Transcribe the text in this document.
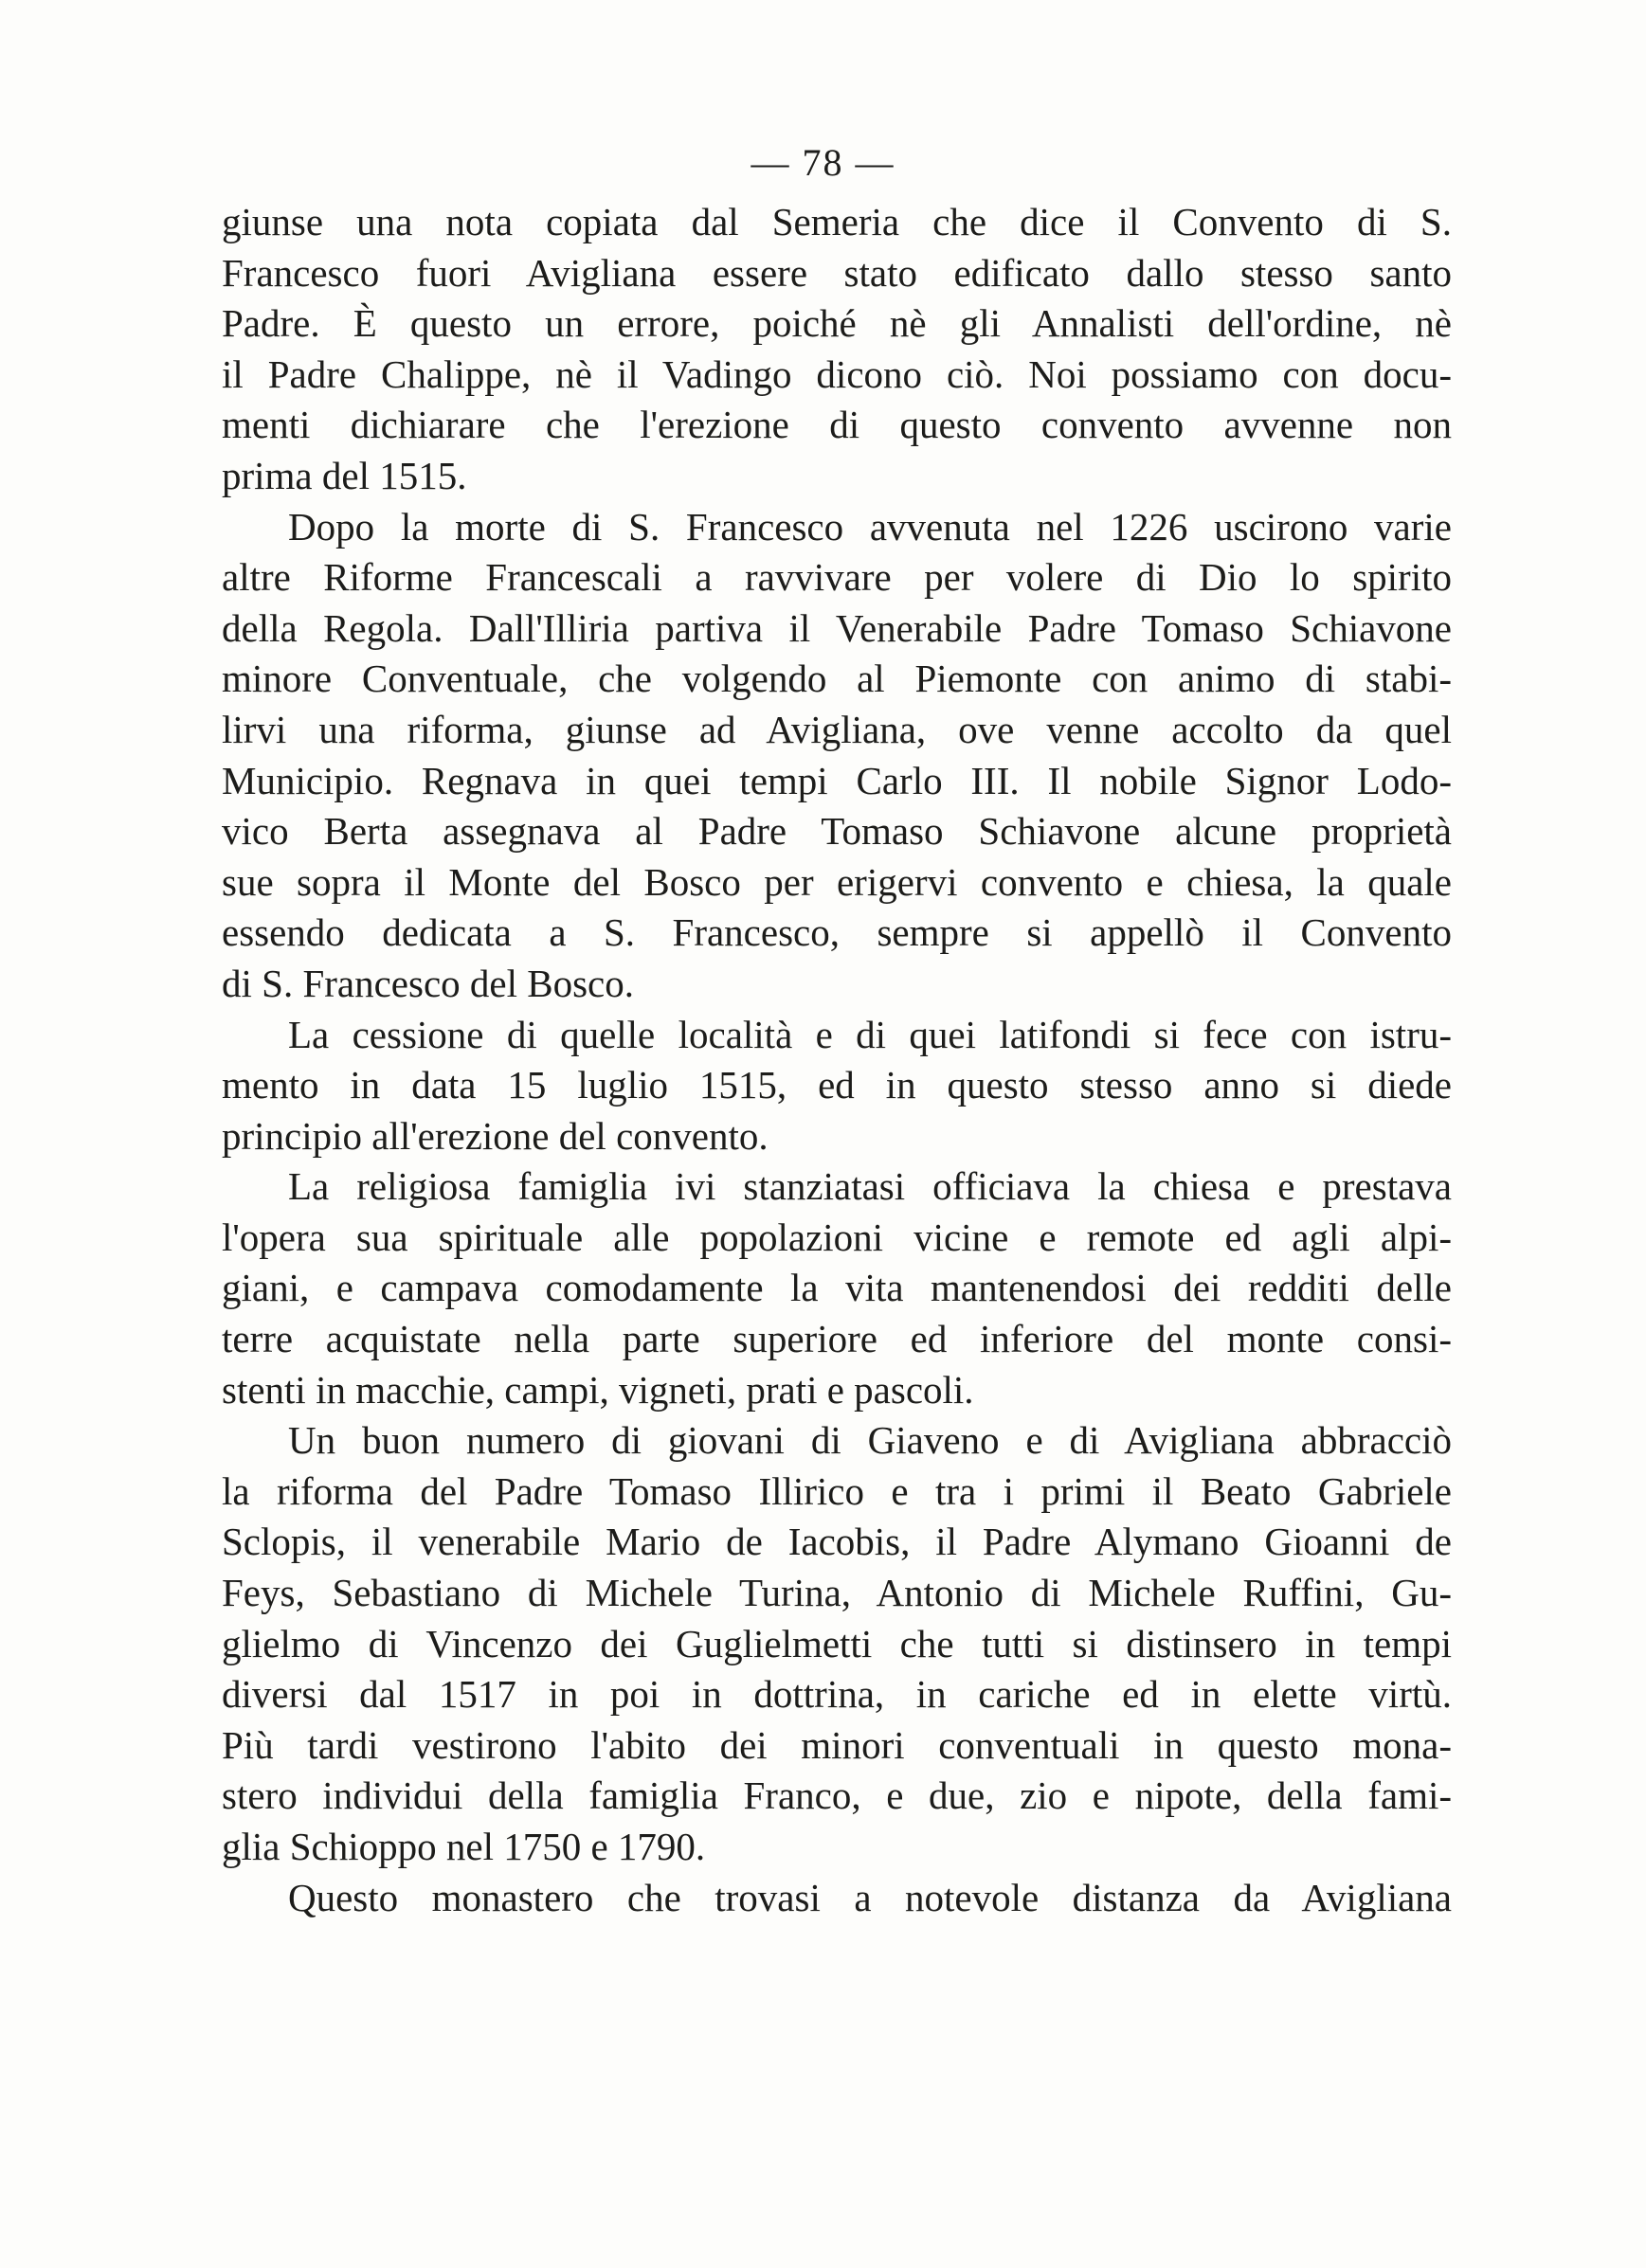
— 78 —
giunse una nota copiata dal Semeria che dice il Convento di S.
Francesco fuori Avigliana essere stato edificato dallo stesso santo
Padre. È questo un errore, poiché nè gli Annalisti dell'ordine, nè
il Padre Chalippe, nè il Vadingo dicono ciò. Noi possiamo con docu-
menti dichiarare che l'erezione di questo convento avvenne non
prima del 1515.
Dopo la morte di S. Francesco avvenuta nel 1226 uscirono varie
altre Riforme Francescali a ravvivare per volere di Dio lo spirito
della Regola. Dall'Illiria partiva il Venerabile Padre Tomaso Schiavone
minore Conventuale, che volgendo al Piemonte con animo di stabi-
lirvi una riforma, giunse ad Avigliana, ove venne accolto da quel
Municipio. Regnava in quei tempi Carlo III. Il nobile Signor Lodo-
vico Berta assegnava al Padre Tomaso Schiavone alcune proprietà
sue sopra il Monte del Bosco per erigervi convento e chiesa, la quale
essendo dedicata a S. Francesco, sempre si appellò il Convento
di S. Francesco del Bosco.
La cessione di quelle località e di quei latifondi si fece con istru-
mento in data 15 luglio 1515, ed in questo stesso anno si diede
principio all'erezione del convento.
La religiosa famiglia ivi stanziatasi officiava la chiesa e prestava
l'opera sua spirituale alle popolazioni vicine e remote ed agli alpi-
giani, e campava comodamente la vita mantenendosi dei redditi delle
terre acquistate nella parte superiore ed inferiore del monte consi-
stenti in macchie, campi, vigneti, prati e pascoli.
Un buon numero di giovani di Giaveno e di Avigliana abbracciò
la riforma del Padre Tomaso Illirico e tra i primi il Beato Gabriele
Sclopis, il venerabile Mario de Iacobis, il Padre Alymano Gioanni de
Feys, Sebastiano di Michele Turina, Antonio di Michele Ruffini, Gu-
glielmo di Vincenzo dei Guglielmetti che tutti si distinsero in tempi
diversi dal 1517 in poi in dottrina, in cariche ed in elette virtù.
Più tardi vestirono l'abito dei minori conventuali in questo mona-
stero individui della famiglia Franco, e due, zio e nipote, della fami-
glia Schioppo nel 1750 e 1790.
Questo monastero che trovasi a notevole distanza da Avigliana
